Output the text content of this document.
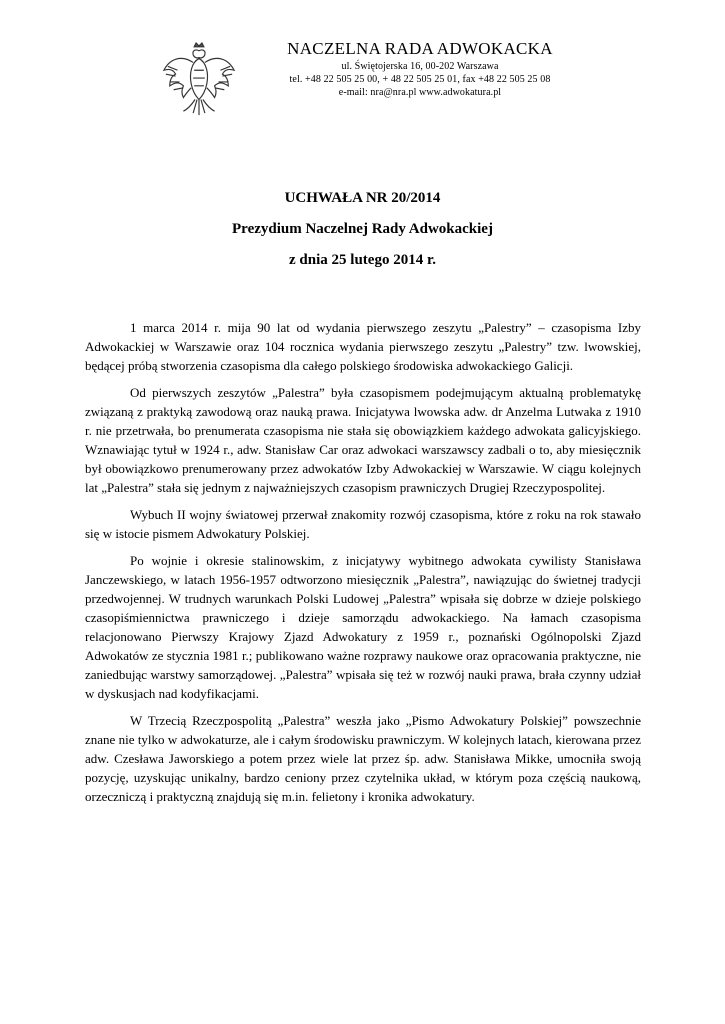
NACZELNA RADA ADWOKACKA
ul. Świętojerska 16, 00-202 Warszawa
tel. +48 22 505 25 00, + 48 22 505 25 01, fax +48 22 505 25 08
e-mail: nra@nra.pl www.adwokatura.pl
UCHWAŁA NR 20/2014
Prezydium Naczelnej Rady Adwokackiej
z dnia 25 lutego 2014 r.

1 marca 2014 r. mija 90 lat od wydania pierwszego zeszytu „Palestry” – czasopisma Izby Adwokackiej w Warszawie oraz 104 rocznica wydania pierwszego zeszytu „Palestry” tzw. lwowskiej, będącej próbą stworzenia czasopisma dla całego polskiego środowiska adwokackiego Galicji.

Od pierwszych zeszytów „Palestra” była czasopismem podejmującym aktualną problematykę związaną z praktyką zawodową oraz nauką prawa. Inicjatywa lwowska adw. dr Anzelma Lutwaka z 1910 r. nie przetrwała, bo prenumerata czasopisma nie stała się obowiązkiem każdego adwokata galicyjskiego. Wznawiając tytuł w 1924 r., adw. Stanisław Car oraz adwokaci warszawscy zadbali o to, aby miesięcznik był obowiązkowo prenumerowany przez adwokatów Izby Adwokackiej w Warszawie. W ciągu kolejnych lat „Palestra” stała się jednym z najważniejszych czasopism prawniczych Drugiej Rzeczypospolitej.

Wybuch II wojny światowej przerwał znakomity rozwój czasopisma, które z roku na rok stawało się w istocie pismem Adwokatury Polskiej.

Po wojnie i okresie stalinowskim, z inicjatywy wybitnego adwokata cywilisty Stanisława Janczewskiego, w latach 1956-1957 odtworzono miesięcznik „Palestra”, nawiązując do świetnej tradycji przedwojennej. W trudnych warunkach Polski Ludowej „Palestra” wpisała się dobrze w dzieje polskiego czasopiśmiennictwa prawniczego i dzieje samorządu adwokackiego. Na łamach czasopisma relacjonowano Pierwszy Krajowy Zjazd Adwokatury z 1959 r., poznański Ogólnopolski Zjazd Adwokatów ze stycznia 1981 r.; publikowano ważne rozprawy naukowe oraz opracowania praktyczne, nie zaniedbując warstwy samorządowej. „Palestra” wpisała się też w rozwój nauki prawa, brała czynny udział w dyskusjach nad kodyfikacjami.

W Trzecią Rzeczpospolitą „Palestra” weszła jako „Pismo Adwokatury Polskiej” powszechnie znane nie tylko w adwokaturze, ale i całym środowisku prawniczym. W kolejnych latach, kierowana przez adw. Czesława Jaworskiego a potem przez wiele lat przez śp. adw. Stanisława Mikke, umocniła swoją pozycję, uzyskując unikalny, bardzo ceniony przez czytelnika układ, w którym poza częścią naukową, orzeczniczą i praktyczną znajdują się m.in. felietony i kronika adwokatury.
